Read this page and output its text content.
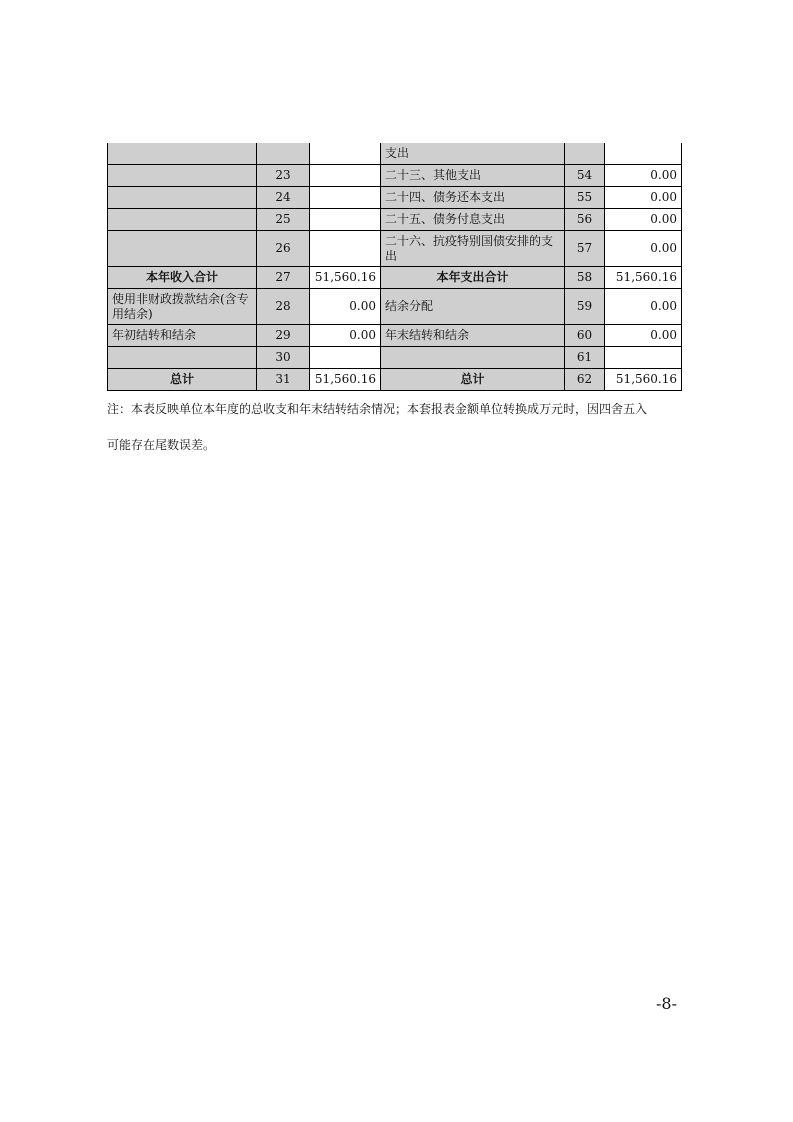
			支出		
	23		二十三、其他支出	54	0.00
	24		二十四、债务还本支出	55	0.00
	25		二十五、债务付息支出	56	0.00
	26		二十六、抗疫特别国债安排的支出	57	0.00
本年收入合计	27	51,560.16	本年支出合计	58	51,560.16
使用非财政拨款结余(含专用结余)	28	0.00	结余分配	59	0.00
年初结转和结余	29	0.00	年末结转和结余	60	0.00
	30			61	
总计	31	51,560.16	总计	62	51,560.16

注：本表反映单位本年度的总收支和年末结转结余情况；本套报表金额单位转换成万元时，因四舍五入

可能存在尾数误差。

-8-
